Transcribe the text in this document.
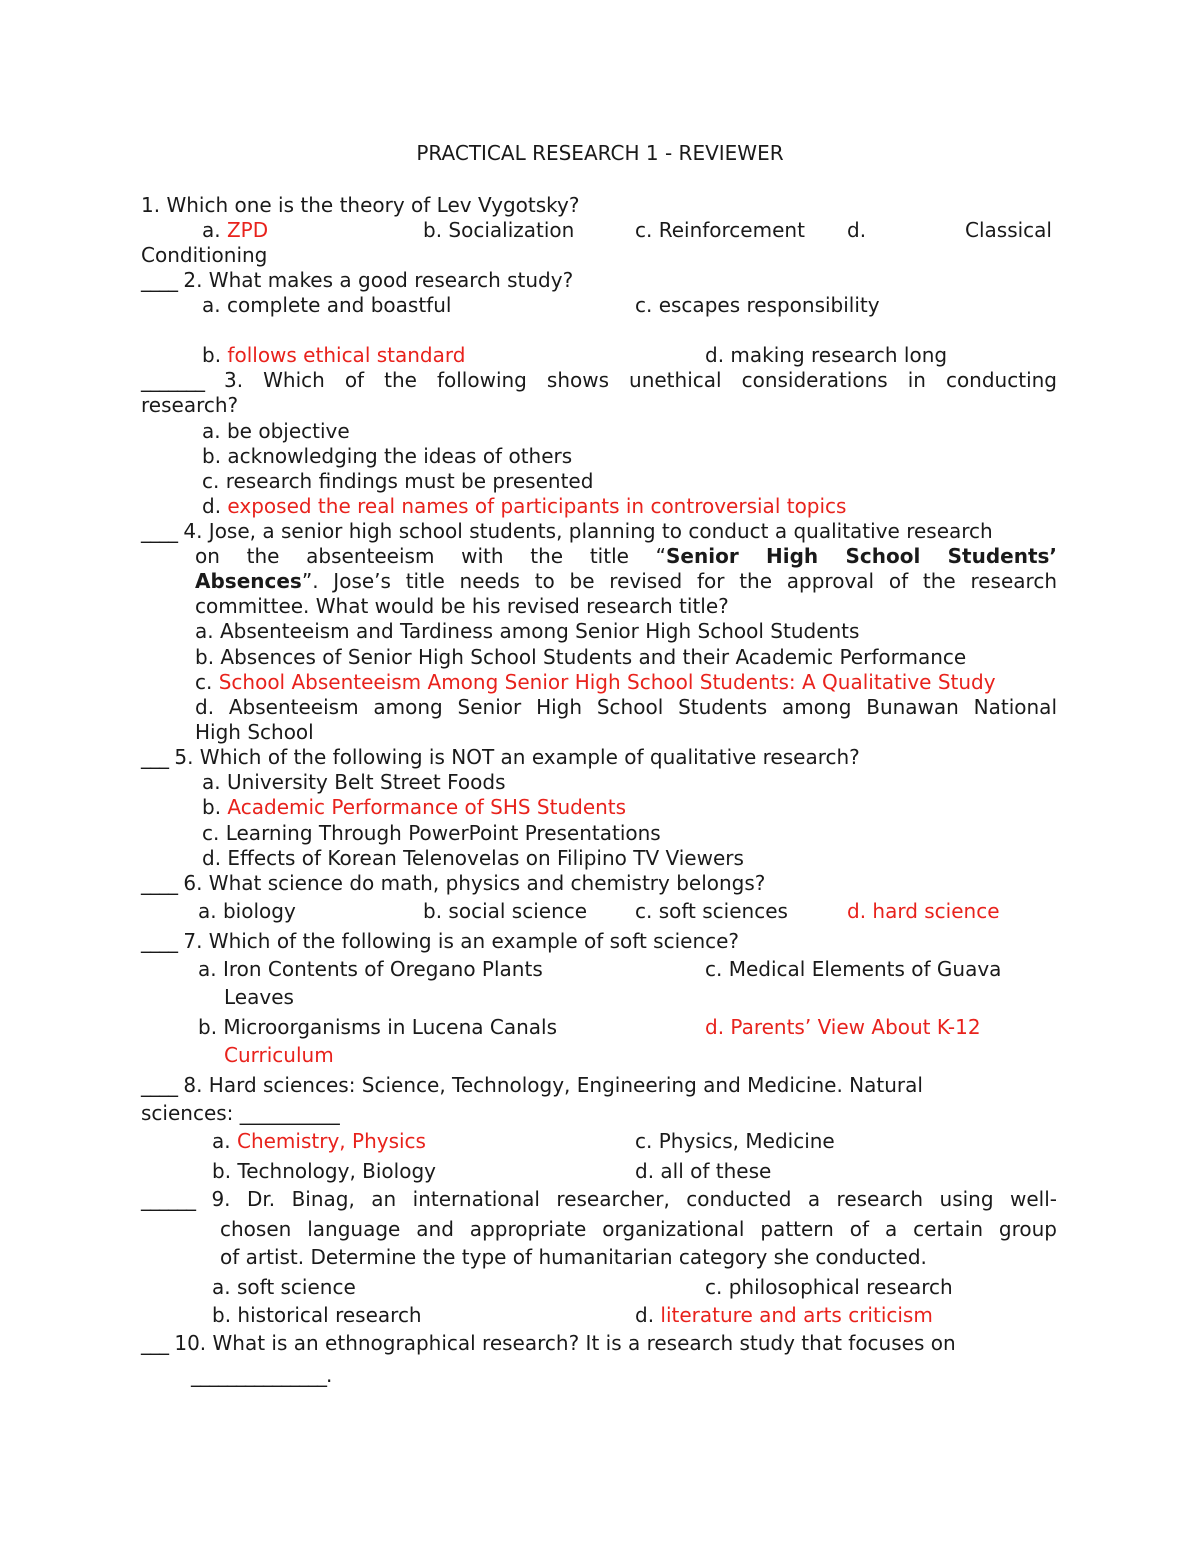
PRACTICAL RESEARCH 1 - REVIEWER
1. Which one is the theory of Lev Vygotsky?
a. ZPD	b. Socialization	c. Reinforcement d.	Classical
Conditioning
____ 2. What makes a good research study?
a. complete and boastful	c. escapes responsibility
b. follows ethical standard	d. making research long
_______ 3. Which of the following shows unethical considerations in conducting
research?
a. be objective
b. acknowledging the ideas of others
c. research findings must be presented
d. exposed the real names of participants in controversial topics
____ 4. Jose, a senior high school students, planning to conduct a qualitative research
on the absenteeism with the title “Senior High School Students’
Absences”. Jose’s title needs to be revised for the approval of the research
committee. What would be his revised research title?
a. Absenteeism and Tardiness among Senior High School Students
b. Absences of Senior High School Students and their Academic Performance
c. School Absenteeism Among Senior High School Students: A Qualitative Study
d. Absenteeism among Senior High School Students among Bunawan National
High School
___ 5. Which of the following is NOT an example of qualitative research?
a. University Belt Street Foods
b. Academic Performance of SHS Students
c. Learning Through PowerPoint Presentations
d. Effects of Korean Telenovelas on Filipino TV Viewers
____ 6. What science do math, physics and chemistry belongs?
a. biology	b. social science c. soft sciences	d. hard science
____ 7. Which of the following is an example of soft science?
a. Iron Contents of Oregano Plants	c. Medical Elements of Guava
Leaves
b. Microorganisms in Lucena Canals	d. Parents’ View About K-12
Curriculum
____ 8. Hard sciences: Science, Technology, Engineering and Medicine. Natural
sciences: __________
a. Chemistry, Physics	c. Physics, Medicine
b. Technology, Biology	d. all of these
______ 9. Dr. Binag, an international researcher, conducted a research using well-
chosen language and appropriate organizational pattern of a certain group
of artist. Determine the type of humanitarian category she conducted.
a. soft science	c. philosophical research
b. historical research	d. literature and arts criticism
___ 10. What is an ethnographical research? It is a research study that focuses on
_______________.
